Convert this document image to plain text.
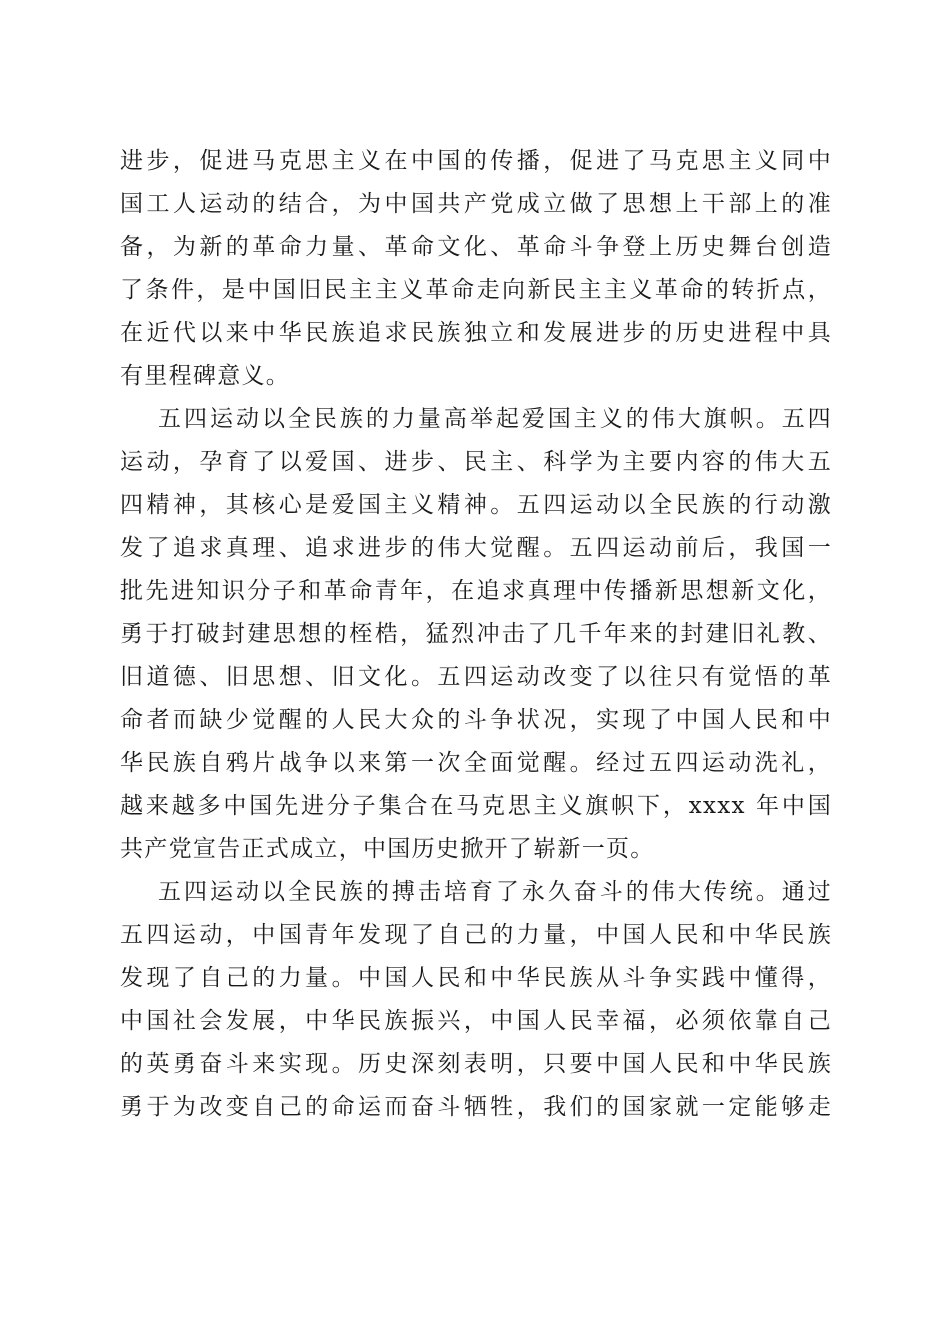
进步，促进马克思主义在中国的传播，促进了马克思主义同中
国工人运动的结合，为中国共产党成立做了思想上干部上的准
备，为新的革命力量、革命文化、革命斗争登上历史舞台创造
了条件，是中国旧民主主义革命走向新民主主义革命的转折点，
在近代以来中华民族追求民族独立和发展进步的历史进程中具
有里程碑意义。
五四运动以全民族的力量高举起爱国主义的伟大旗帜。五四
运动，孕育了以爱国、进步、民主、科学为主要内容的伟大五
四精神，其核心是爱国主义精神。五四运动以全民族的行动激
发了追求真理、追求进步的伟大觉醒。五四运动前后，我国一
批先进知识分子和革命青年，在追求真理中传播新思想新文化，
勇于打破封建思想的桎梏，猛烈冲击了几千年来的封建旧礼教、
旧道德、旧思想、旧文化。五四运动改变了以往只有觉悟的革
命者而缺少觉醒的人民大众的斗争状况，实现了中国人民和中
华民族自鸦片战争以来第一次全面觉醒。经过五四运动洗礼，
越来越多中国先进分子集合在马克思主义旗帜下，xxxx 年中国
共产党宣告正式成立，中国历史掀开了崭新一页。
五四运动以全民族的搏击培育了永久奋斗的伟大传统。通过
五四运动，中国青年发现了自己的力量，中国人民和中华民族
发现了自己的力量。中国人民和中华民族从斗争实践中懂得，
中国社会发展，中华民族振兴，中国人民幸福，必须依靠自己
的英勇奋斗来实现。历史深刻表明，只要中国人民和中华民族
勇于为改变自己的命运而奋斗牺牲，我们的国家就一定能够走
